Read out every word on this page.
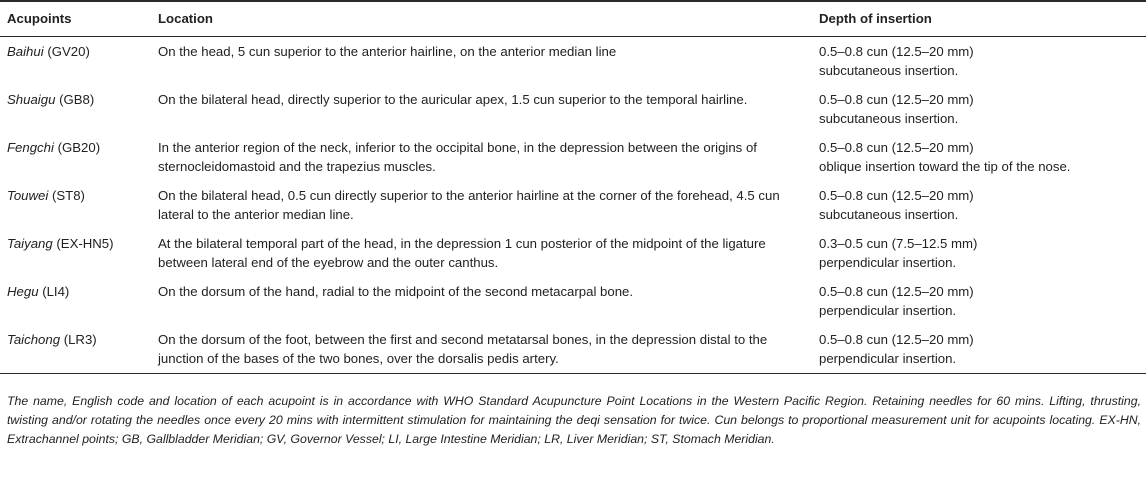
Acupoints	Location	Depth of insertion
Baihui (GV20)	On the head, 5 cun superior to the anterior hairline, on the anterior median line	0.5–0.8 cun (12.5–20 mm)
subcutaneous insertion.

Shuaigu (GB8)	On the bilateral head, directly superior to the auricular apex, 1.5 cun superior to the temporal hairline.	0.5–0.8 cun (12.5–20 mm)
subcutaneous insertion.

Fengchi (GB20)	In the anterior region of the neck, inferior to the occipital bone, in the depression between the origins of sternocleidomastoid and the trapezius muscles.	0.5–0.8 cun (12.5–20 mm)
oblique insertion toward the tip of the nose.

Touwei (ST8)	On the bilateral head, 0.5 cun directly superior to the anterior hairline at the corner of the forehead, 4.5 cun lateral to the anterior median line.	0.5–0.8 cun (12.5–20 mm)
subcutaneous insertion.

Taiyang (EX-HN5)	At the bilateral temporal part of the head, in the depression 1 cun posterior of the midpoint of the ligature between lateral end of the eyebrow and the outer canthus.	0.3–0.5 cun (7.5–12.5 mm)
perpendicular insertion.

Hegu (LI4)	On the dorsum of the hand, radial to the midpoint of the second metacarpal bone.	0.5–0.8 cun (12.5–20 mm)
perpendicular insertion.

Taichong (LR3)	On the dorsum of the foot, between the first and second metatarsal bones, in the depression distal to the junction of the bases of the two bones, over the dorsalis pedis artery.	0.5–0.8 cun (12.5–20 mm)
perpendicular insertion.

The name, English code and location of each acupoint is in accordance with WHO Standard Acupuncture Point Locations in the Western Pacific Region. Retaining needles for 60 mins. Lifting, thrusting, twisting and/or rotating the needles once every 20 mins with intermittent stimulation for maintaining the deqi sensation for twice. Cun belongs to proportional measurement unit for acupoints locating. EX-HN, Extrachannel points; GB, Gallbladder Meridian; GV, Governor Vessel; LI, Large Intestine Meridian; LR, Liver Meridian; ST, Stomach Meridian.
